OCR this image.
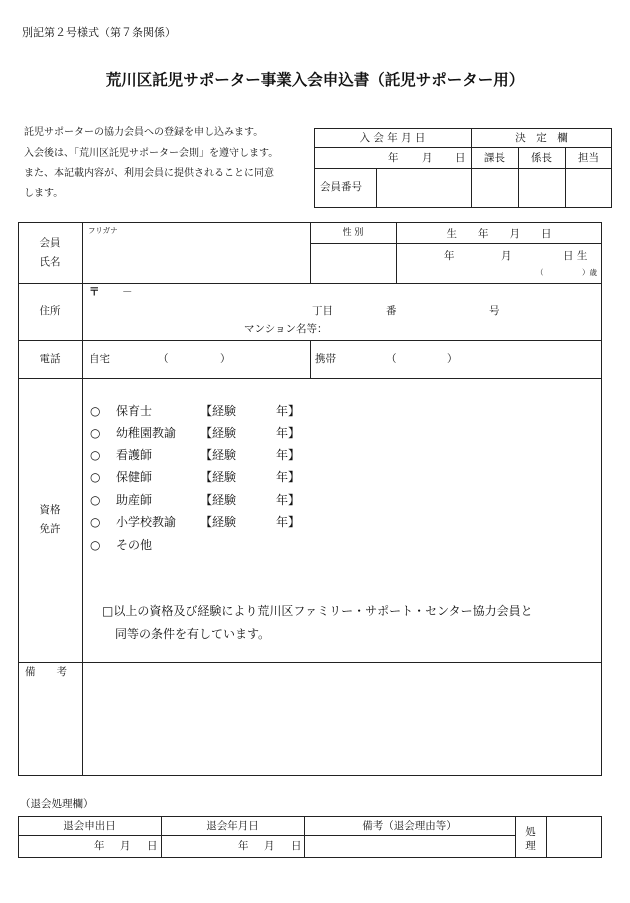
別記第２号様式（第７条関係）
荒川区託児サポーター事業入会申込書（託児サポーター用）
託児サポーターの協力会員への登録を申し込みます。
入会後は、「荒川区託児サポーター会則」を遵守します。
また、本記載内容が、利用会員に提供されることに同意
します。
入 会 年 月 日	決　定　欄
年 月 日	課長	係長	担当
会員番号
会員
氏名
フリガナ	性 別	生　　年　　月　　日
年	月	日 生
（	）歳
住所
〒 －
丁目	番	号
マンション名等：
電話	自宅	（	）	携帯	（	）
資格
免許
○ 保育士	【経験	年】
○ 幼稚園教諭 【経験	年】
○ 看護師	【経験	年】
○ 保健師	【経験	年】
○ 助産師	【経験	年】
○ 小学校教諭 【経験	年】
○ その他
□以上の資格及び経験により荒川区ファミリー・サポート・センター協力会員と
同等の条件を有しています。
備　　考
（退会処理欄）
退会申出日	退会年月日	備考（退会理由等）	処
理
年 月 日	年 月 日
